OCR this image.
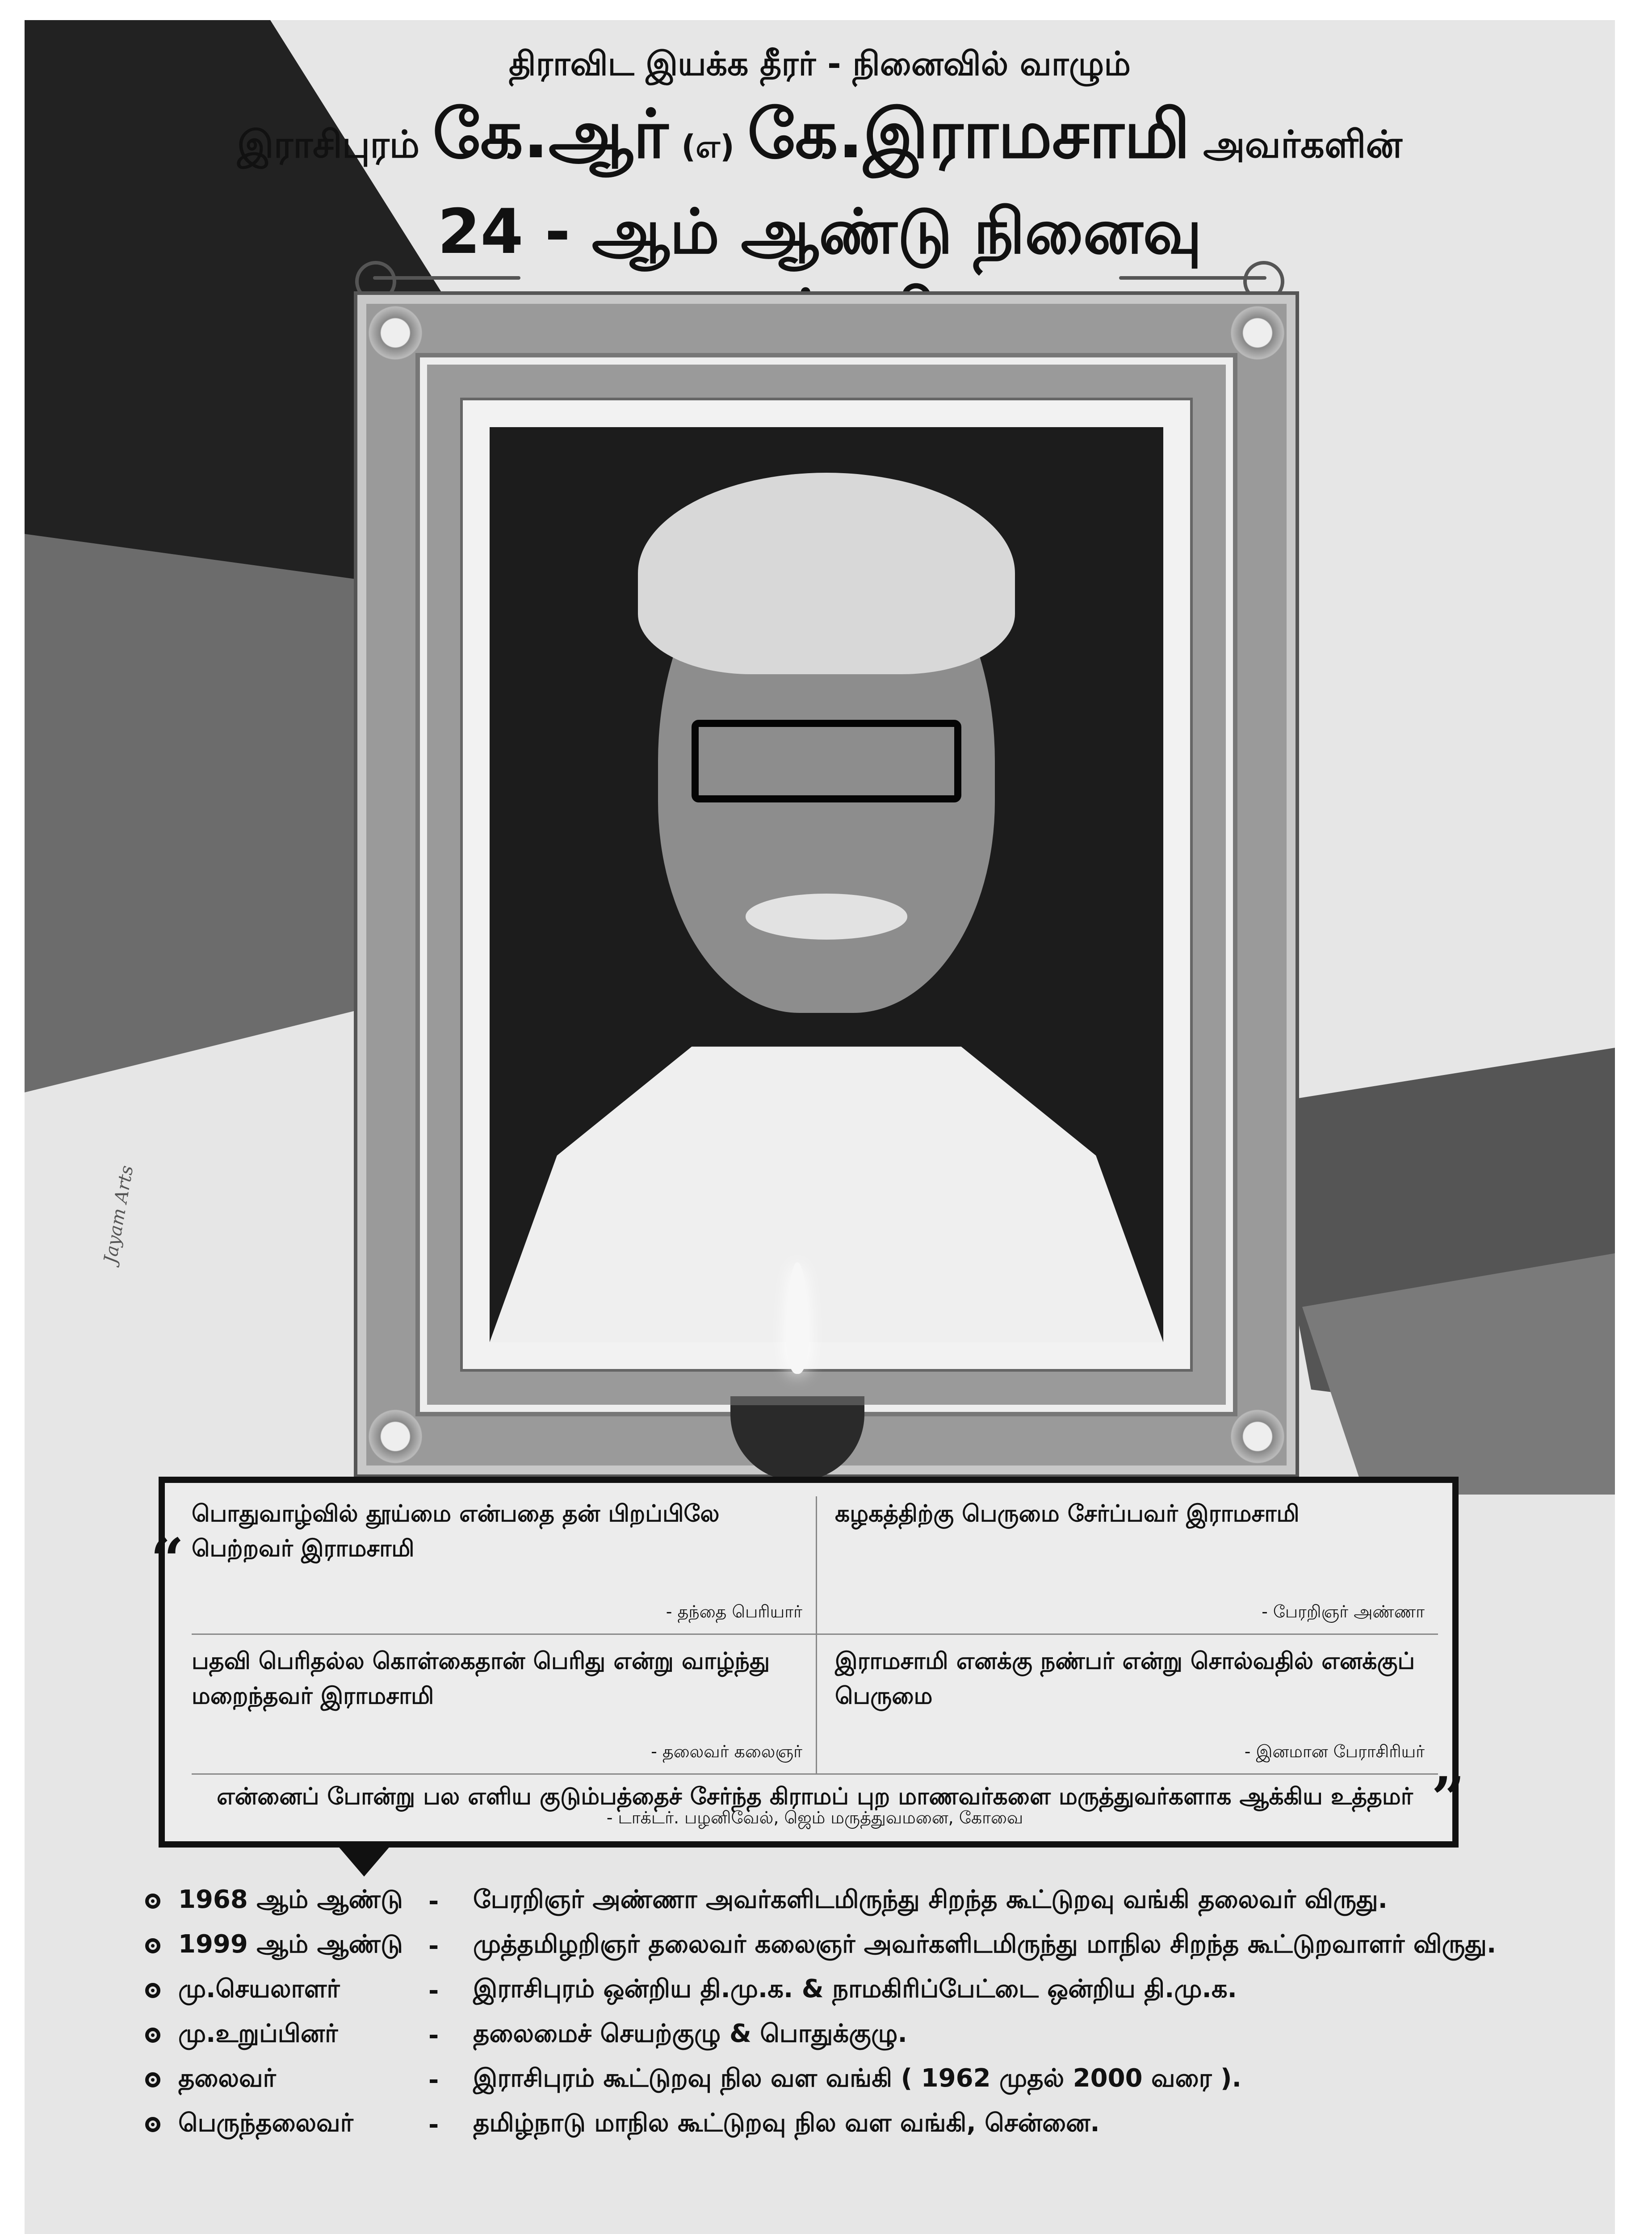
திராவிட இயக்க தீரர் - நினைவில் வாழும்
இராசிபுரம் கே.ஆர் (எ) கே.இராமசாமி அவர்களின்
24 - ஆம் ஆண்டு நினைவு
Jayam Arts
“
பொதுவாழ்வில் தூய்மை என்பதை தன் பிறப்பிலே பெற்றவர் இராமசாமி
- தந்தை பெரியார்
கழகத்திற்கு பெருமை சேர்ப்பவர் இராமசாமி
- பேரறிஞர் அண்ணா
பதவி பெரிதல்ல கொள்கைதான் பெரிது என்று வாழ்ந்து மறைந்தவர் இராமசாமி
- தலைவர் கலைஞர்
இராமசாமி எனக்கு நண்பர் என்று சொல்வதில் எனக்குப் பெருமை
- இனமான பேராசிரியர்
என்னைப் போன்று பல எளிய குடும்பத்தைச் சேர்ந்த கிராமப் புற மாணவர்களை மருத்துவர்களாக ஆக்கிய உத்தமர்
- டாக்டர். பழனிவேல், ஜெம் மருத்துவமனை, கோவை	”
1968 ஆம் ஆண்டு	-	பேரறிஞர் அண்ணா அவர்களிடமிருந்து சிறந்த கூட்டுறவு வங்கி தலைவர் விருது.
1999 ஆம் ஆண்டு	-	முத்தமிழறிஞர் தலைவர் கலைஞர் அவர்களிடமிருந்து மாநில சிறந்த கூட்டுறவாளர் விருது.
மு.செயலாளர்	-	இராசிபுரம் ஒன்றிய தி.மு.க. & நாமகிரிப்பேட்டை ஒன்றிய தி.மு.க.
மு.உறுப்பினர்	-	தலைமைச் செயற்குழு & பொதுக்குழு.
தலைவர்	-	இராசிபுரம் கூட்டுறவு நில வள வங்கி ( 1962 முதல் 2000 வரை ).
பெருந்தலைவர்	-	தமிழ்நாடு மாநில கூட்டுறவு நில வள வங்கி, சென்னை.
